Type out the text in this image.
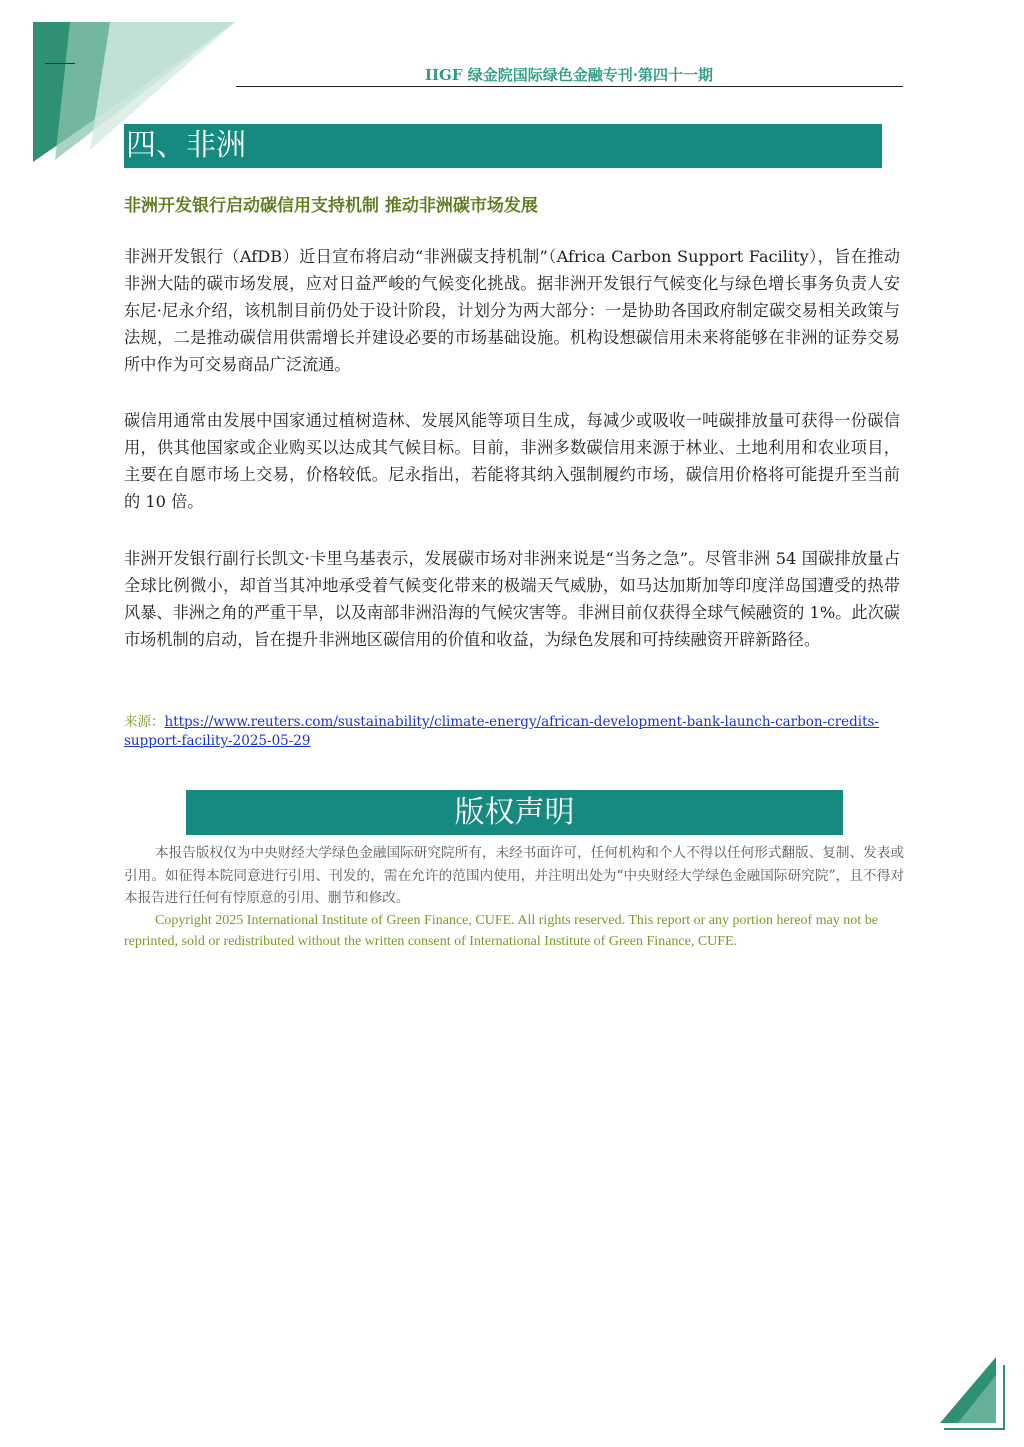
IIGF 绿金院国际绿色金融专刊·第四十一期
四、非洲
非洲开发银行启动碳信用支持机制 推动非洲碳市场发展

非洲开发银行（AfDB）近日宣布将启动“非洲碳支持机制”（Africa Carbon Support Facility），旨在推动非洲大陆的碳市场发展，应对日益严峻的气候变化挑战。据非洲开发银行气候变化与绿色增长事务负责人安东尼·尼永介绍，该机制目前仍处于设计阶段，计划分为两大部分：一是协助各国政府制定碳交易相关政策与法规，二是推动碳信用供需增长并建设必要的市场基础设施。机构设想碳信用未来将能够在非洲的证券交易所中作为可交易商品广泛流通。

碳信用通常由发展中国家通过植树造林、发展风能等项目生成，每减少或吸收一吨碳排放量可获得一份碳信用，供其他国家或企业购买以达成其气候目标。目前，非洲多数碳信用来源于林业、土地利用和农业项目，主要在自愿市场上交易，价格较低。尼永指出，若能将其纳入强制履约市场，碳信用价格将可能提升至当前的 10 倍。

非洲开发银行副行长凯文·卡里乌基表示，发展碳市场对非洲来说是“当务之急”。尽管非洲 54 国碳排放量占全球比例微小，却首当其冲地承受着气候变化带来的极端天气威胁，如马达加斯加等印度洋岛国遭受的热带风暴、非洲之角的严重干旱，以及南部非洲沿海的气候灾害等。非洲目前仅获得全球气候融资的 1%。此次碳市场机制的启动，旨在提升非洲地区碳信用的价值和收益，为绿色发展和可持续融资开辟新路径。

来源：https://www.reuters.com/sustainability/climate-energy/african-development-bank-launch-carbon-credits-support-facility-2025-05-29
版权声明

本报告版权仅为中央财经大学绿色金融国际研究院所有，未经书面许可，任何机构和个人不得以任何形式翻版、复制、发表或引用。如征得本院同意进行引用、刊发的，需在允许的范围内使用，并注明出处为“中央财经大学绿色金融国际研究院”，且不得对本报告进行任何有悖原意的引用、删节和修改。

Copyright 2025 International Institute of Green Finance, CUFE. All rights reserved. This report or any portion hereof may not be reprinted, sold or redistributed without the written consent of International Institute of Green Finance, CUFE.
